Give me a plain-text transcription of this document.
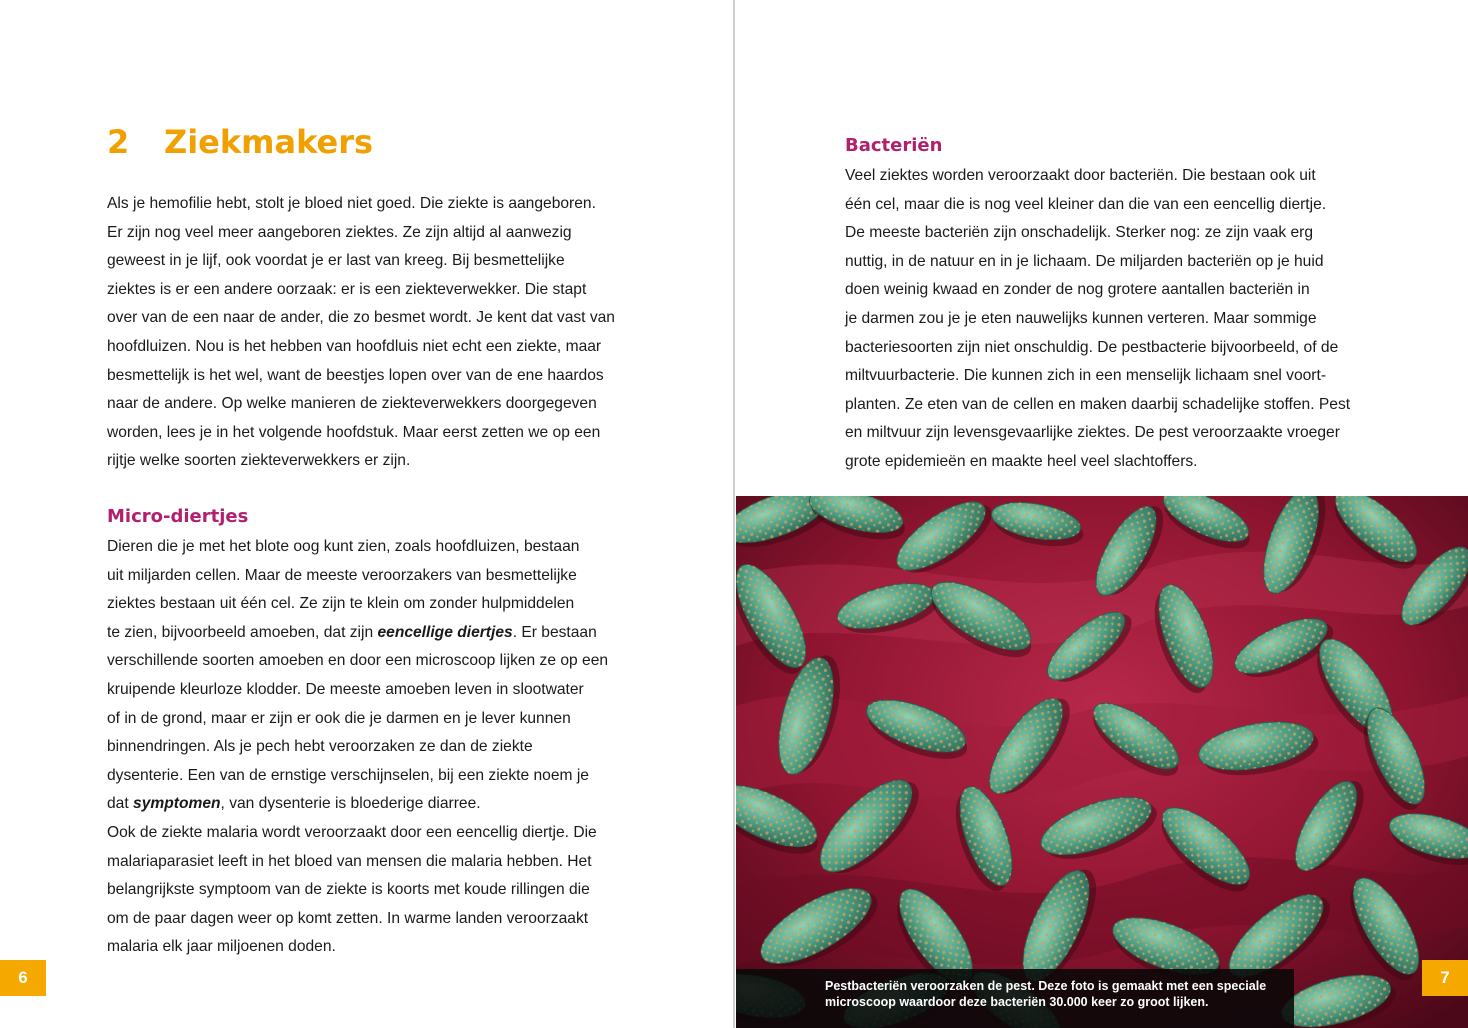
2 Ziekmakers
Als je hemofilie hebt, stolt je bloed niet goed. Die ziekte is aangeboren.
Er zijn nog veel meer aangeboren ziektes. Ze zijn altijd al aanwezig
geweest in je lijf, ook voordat je er last van kreeg. Bij besmettelijke
ziektes is er een andere oorzaak: er is een ziekteverwekker. Die stapt
over van de een naar de ander, die zo besmet wordt. Je kent dat vast van
hoofdluizen. Nou is het hebben van hoofdluis niet echt een ziekte, maar
besmettelijk is het wel, want de beestjes lopen over van de ene haardos
naar de andere. Op welke manieren de ziekteverwekkers doorgegeven
worden, lees je in het volgende hoofdstuk. Maar eerst zetten we op een
rijtje welke soorten ziekteverwekkers er zijn.
Micro-diertjes
Dieren die je met het blote oog kunt zien, zoals hoofdluizen, bestaan
uit miljarden cellen. Maar de meeste veroorzakers van besmettelijke
ziektes bestaan uit één cel. Ze zijn te klein om zonder hulpmiddelen
te zien, bijvoorbeeld amoeben, dat zijn eencellige diertjes. Er bestaan
verschillende soorten amoeben en door een microscoop lijken ze op een
kruipende kleurloze klodder. De meeste amoeben leven in slootwater
of in de grond, maar er zijn er ook die je darmen en je lever kunnen
binnendringen. Als je pech hebt veroorzaken ze dan de ziekte
dysenterie. Een van de ernstige verschijnselen, bij een ziekte noem je
dat symptomen, van dysenterie is bloederige diarree.
Ook de ziekte malaria wordt veroorzaakt door een eencellig diertje. Die
malariaparasiet leeft in het bloed van mensen die malaria hebben. Het
belangrijkste symptoom van de ziekte is koorts met koude rillingen die
om de paar dagen weer op komt zetten. In warme landen veroorzaakt
malaria elk jaar miljoenen doden.
6
Bacteriën
Veel ziektes worden veroorzaakt door bacteriën. Die bestaan ook uit
één cel, maar die is nog veel kleiner dan die van een eencellig diertje.
De meeste bacteriën zijn onschadelijk. Sterker nog: ze zijn vaak erg
nuttig, in de natuur en in je lichaam. De miljarden bacteriën op je huid
doen weinig kwaad en zonder de nog grotere aantallen bacteriën in
je darmen zou je je eten nauwelijks kunnen verteren. Maar sommige
bacteriesoorten zijn niet onschuldig. De pestbacterie bijvoorbeeld, of de
miltvuurbacterie. Die kunnen zich in een menselijk lichaam snel voort-
planten. Ze eten van de cellen en maken daarbij schadelijke stoffen. Pest
en miltvuur zijn levensgevaarlijke ziektes. De pest veroorzaakte vroeger
grote epidemieën en maakte heel veel slachtoffers.
Pestbacteriën veroorzaken de pest. Deze foto is gemaakt met een speciale
microscoop waardoor deze bacteriën 30.000 keer zo groot lijken.
7
